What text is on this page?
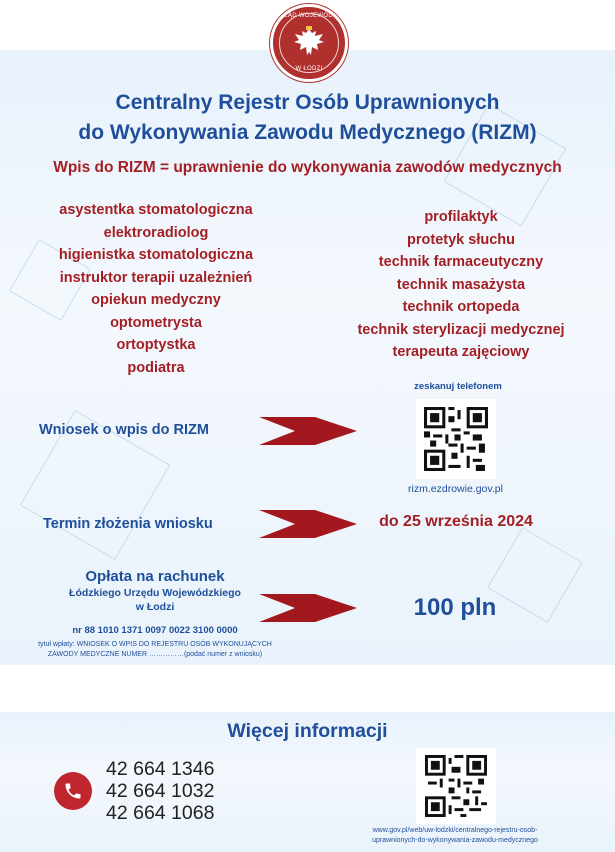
URZĄD WOJEWÓDZKI
W ŁODZI
Centralny Rejestr Osób Uprawnionych
do Wykonywania Zawodu Medycznego (RIZM)
Wpis do RIZM = uprawnienie do wykonywania zawodów medycznych
asystentka stomatologiczna
elektroradiolog
higienistka stomatologiczna
instruktor terapii uzależnień
opiekun medyczny
optometrysta
ortoptystka
podiatra
profilaktyk
protetyk słuchu
technik farmaceutyczny
technik masażysta
technik ortopeda
technik sterylizacji medycznej
terapeuta zajęciowy
Wniosek o wpis do RIZM
zeskanuj telefonem
rizm.ezdrowie.gov.pl
Termin złożenia wniosku	do 25 września 2024
Opłata na rachunek
Łódzkiego Urzędu Wojewódzkiego
w Łodzi
nr 88 1010 1371 0097 0022 3100 0000
tytuł wpłaty: WNIOSEK O WPIS DO REJESTRU OSÓB WYKONUJĄCYCH
ZAWODY MEDYCZNE NUMER ……………(podać numer z wniosku)
100 pln
Więcej informacji
42 664 1346
42 664 1032
42 664 1068
www.gov.pl/web/uw-lodzki/centralnego-rejestru-osob-
uprawnionych-do-wykonywania-zawodu-medycznego
